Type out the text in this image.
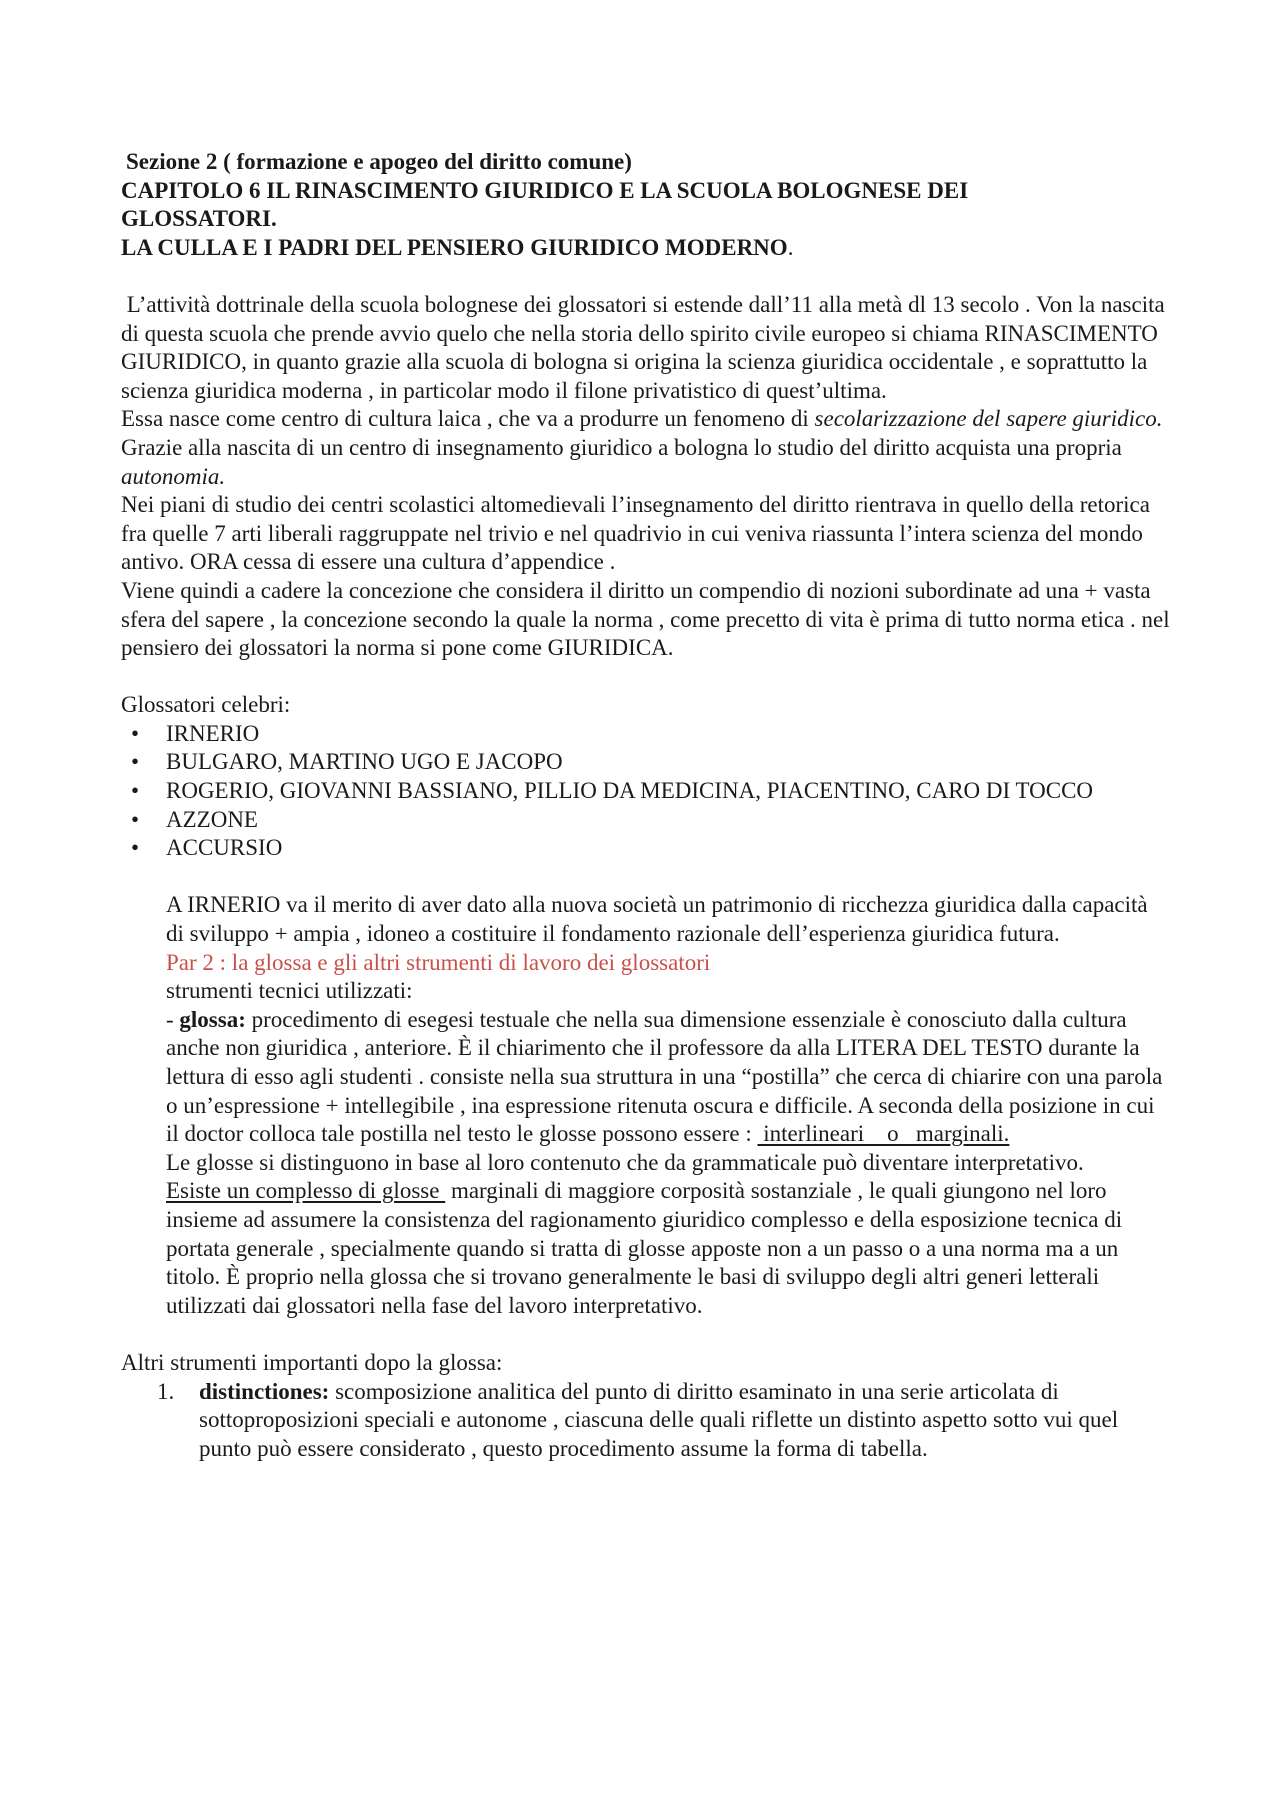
Sezione 2 ( formazione e apogeo del diritto comune)
CAPITOLO 6 IL RINASCIMENTO GIURIDICO E LA SCUOLA BOLOGNESE DEI
GLOSSATORI.
LA CULLA E I PADRI DEL PENSIERO GIURIDICO MODERNO.

L’attività dottrinale della scuola bolognese dei glossatori si estende dall’11 alla metà dl 13 secolo . Von la nascita di questa scuola che prende avvio quelo che nella storia dello spirito civile europeo si chiama RINASCIMENTO GIURIDICO, in quanto grazie alla scuola di bologna si origina la scienza giuridica occidentale , e soprattutto la scienza giuridica moderna , in particolar modo il filone privatistico di quest’ultima.

Essa nasce come centro di cultura laica , che va a produrre un fenomeno di secolarizzazione del sapere giuridico. Grazie alla nascita di un centro di insegnamento giuridico a bologna lo studio del diritto acquista una propria  autonomia.

Nei piani di studio dei centri scolastici altomedievali l’insegnamento del diritto rientrava in quello della retorica fra quelle 7 arti liberali raggruppate nel trivio e nel quadrivio in cui veniva riassunta l’intera scienza del mondo antivo. ORA cessa di essere una cultura d’appendice .

Viene quindi a cadere la concezione che considera il diritto un compendio di nozioni subordinate ad una + vasta sfera del sapere , la concezione secondo la quale la norma , come precetto di vita è prima di tutto norma etica . nel pensiero dei glossatori la norma si pone come GIURIDICA.

Glossatori celebri:

• IRNERIO
• BULGARO, MARTINO UGO E JACOPO
• ROGERIO, GIOVANNI BASSIANO, PILLIO DA MEDICINA, PIACENTINO, CARO DI TOCCO
• AZZONE
• ACCURSIO

A IRNERIO va il merito di aver dato alla nuova società un patrimonio di ricchezza giuridica dalla capacità di sviluppo + ampia , idoneo a costituire il fondamento razionale dell’esperienza giuridica futura.

Par 2 : la glossa e gli altri strumenti di lavoro dei glossatori

strumenti tecnici utilizzati:

- glossa: procedimento di esegesi testuale che nella sua dimensione essenziale è conosciuto dalla cultura anche non giuridica , anteriore. È il chiarimento che il professore da alla LITERA DEL TESTO durante la lettura di esso agli studenti . consiste nella sua struttura in una “postilla” che cerca di chiarire con una parola o un’espressione + intellegibile , ina espressione ritenuta oscura e difficile. A seconda della posizione in cui il doctor colloca tale postilla nel testo le glosse possono essere :  interlineari    o   marginali.

Le glosse si distinguono in base al loro contenuto che da grammaticale può diventare interpretativo.

Esiste un complesso di glosse  marginali di maggiore corposità sostanziale , le quali giungono nel loro insieme ad assumere la consistenza del ragionamento giuridico complesso e della esposizione tecnica di portata generale , specialmente quando si tratta di glosse apposte non a un passo o a una norma ma a un titolo. È proprio nella glossa che si trovano generalmente le basi di sviluppo degli altri generi letterali utilizzati dai glossatori nella fase del lavoro interpretativo.

Altri strumenti importanti dopo la glossa:

1. distinctiones: scomposizione analitica del punto di diritto esaminato in una serie articolata di sottoproposizioni speciali e autonome , ciascuna delle quali riflette un distinto aspetto sotto vui quel punto può essere considerato , questo procedimento assume la forma di tabella.
